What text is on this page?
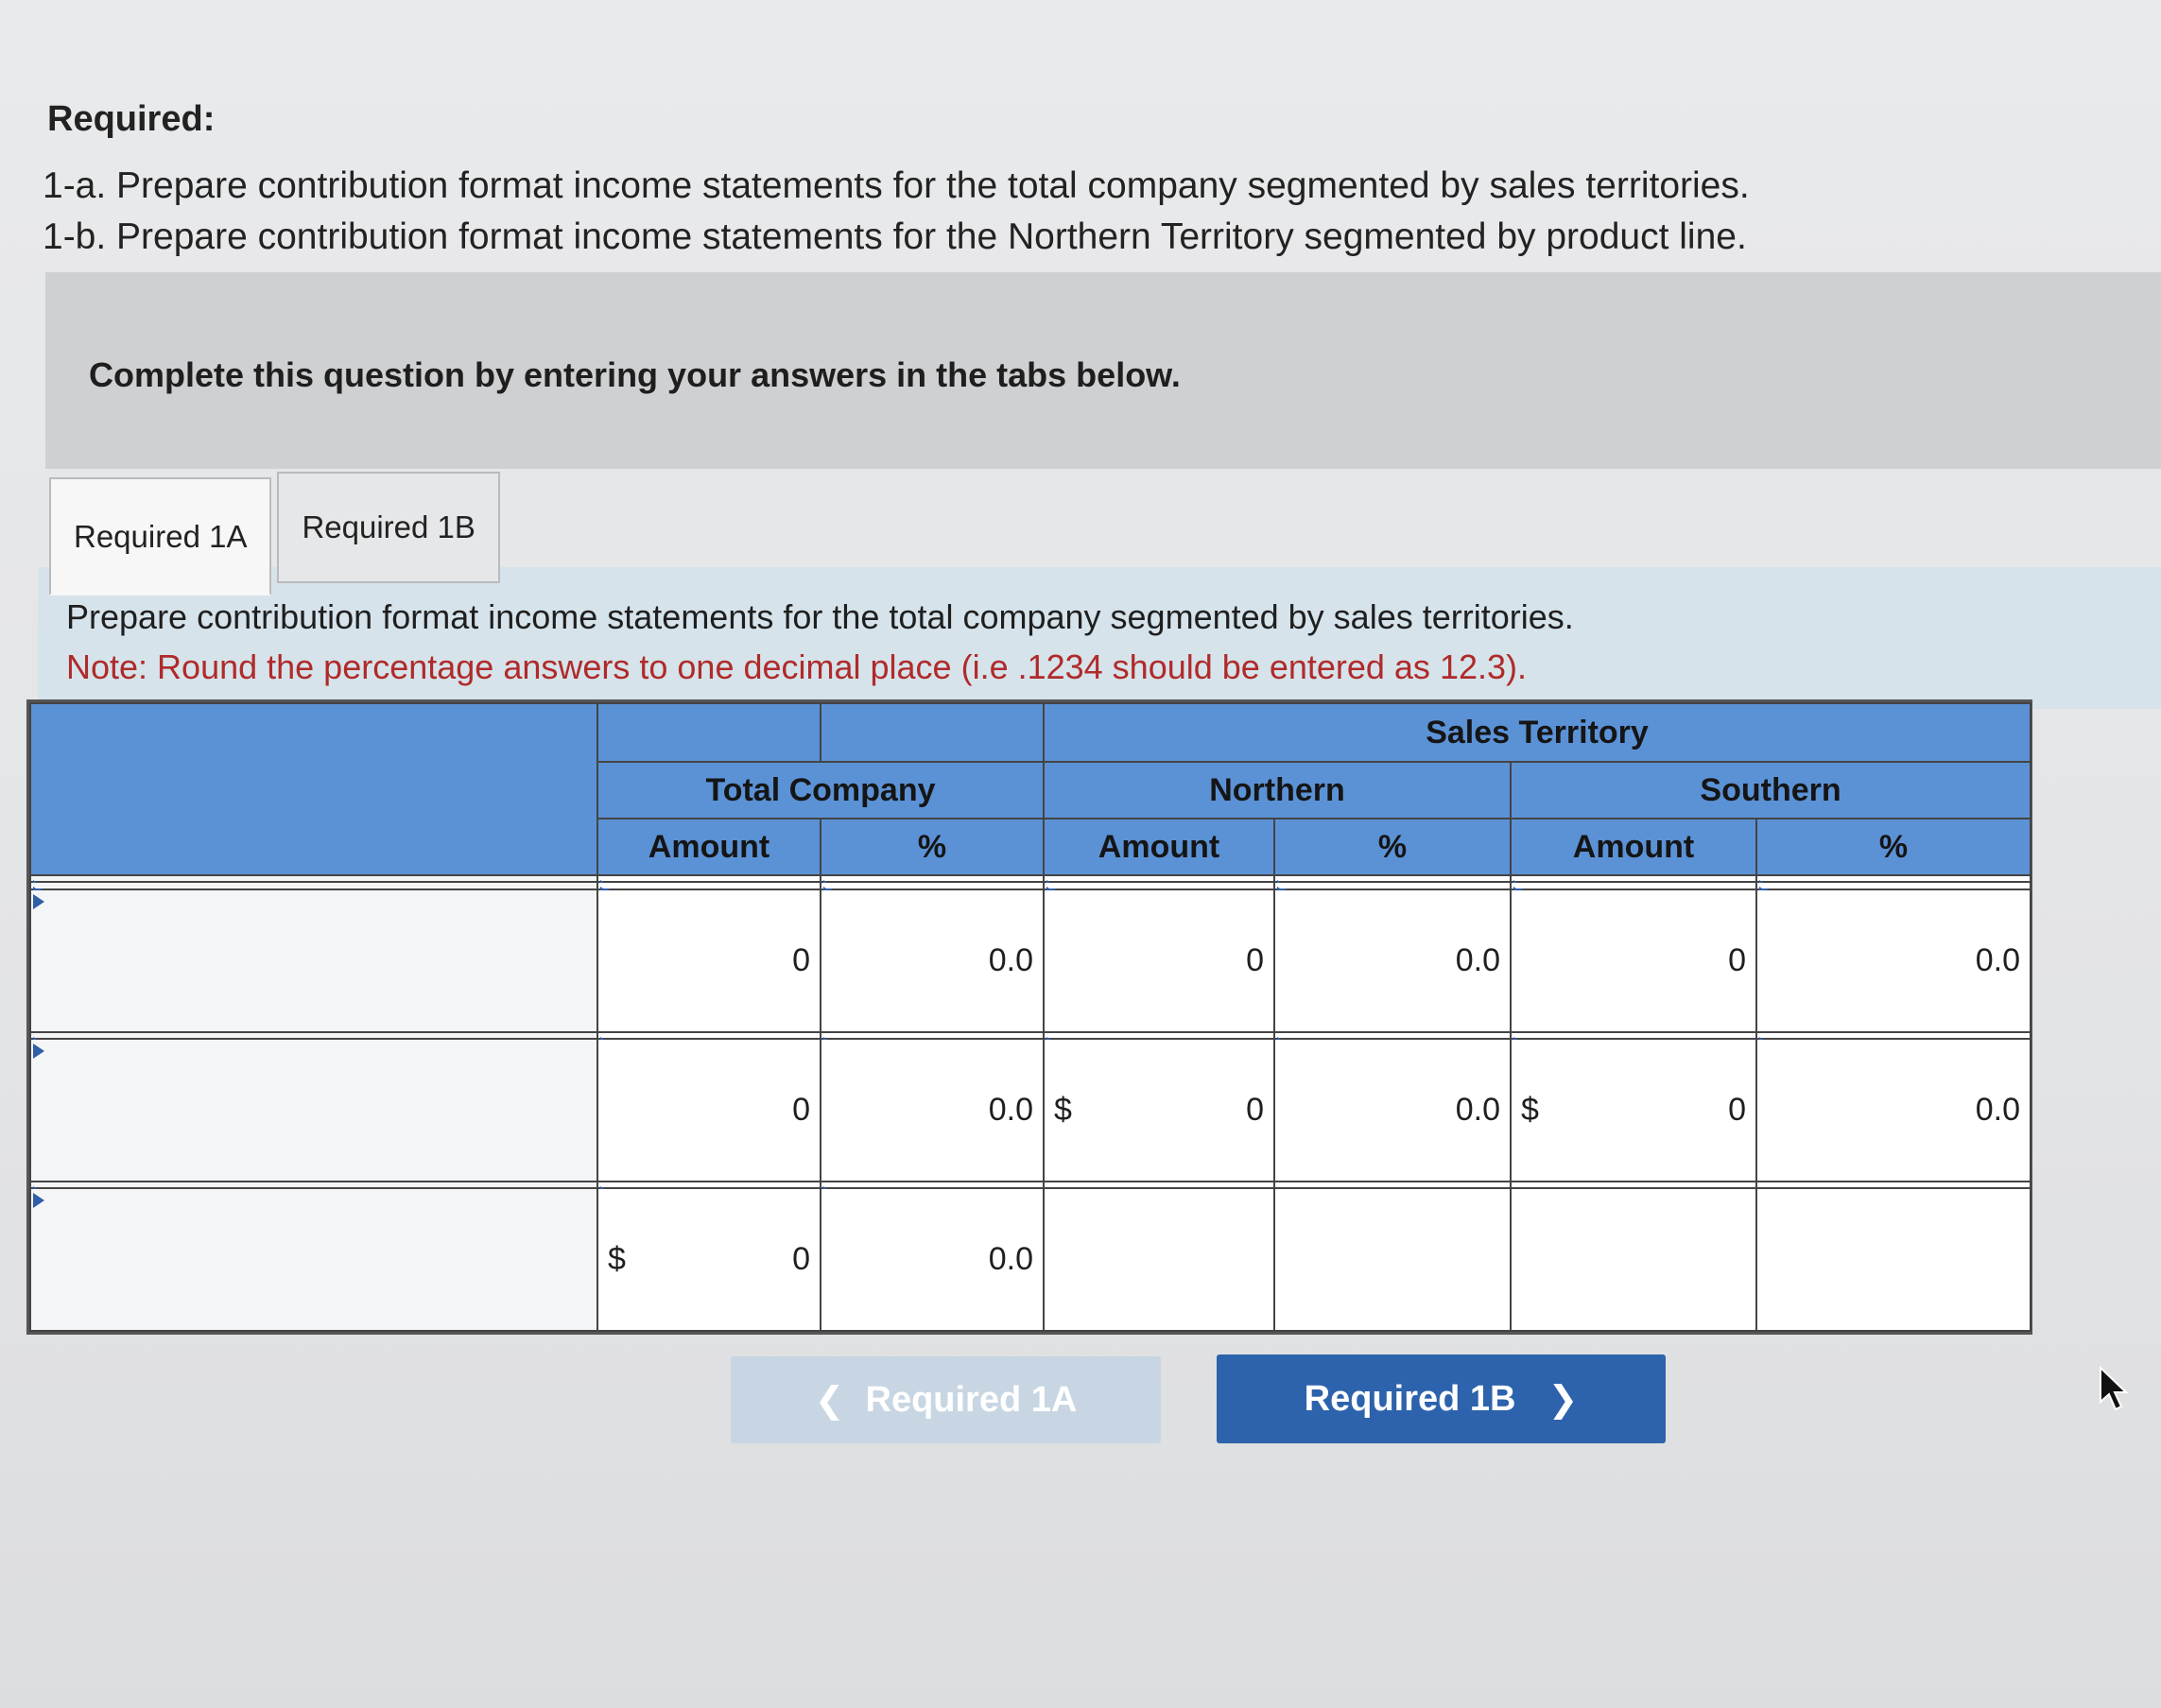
Required:
1-a. Prepare contribution format income statements for the total company segmented by sales territories.
1-b. Prepare contribution format income statements for the Northern Territory segmented by product line.
Complete this question by entering your answers in the tabs below.
Prepare contribution format income statements for the total company segmented by sales territories.
Note: Round the percentage answers to one decimal place (i.e .1234 should be entered as 12.3).
Required 1A	Required 1B
			Sales Territory			
	Total Company		Northern		Southern	
	Amount	%	Amount	%	Amount	%

	0	0.0	0	0.0	0	0.0

	0	0.0	$ 0	0.0	$ 0	0.0

	$ 0	0.0				
❮ Required 1A	Required 1B ❯
